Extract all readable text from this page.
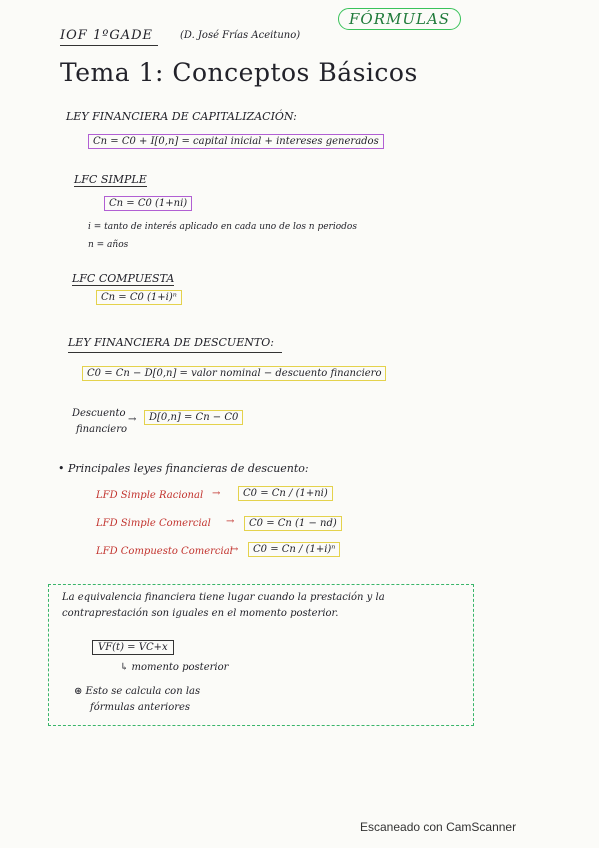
IOF 1ºGADE	(D. José Frías Aceituno)
FÓRMULAS
Tema 1: Conceptos Básicos
LEY FINANCIERA DE CAPITALIZACIÓN:
Cn = C0 + I[0,n] = capital inicial + intereses generados
LFC SIMPLE
Cn = C0 (1+ni)
i = tanto de interés aplicado en cada uno de los n periodos
n = años
LFC COMPUESTA
Cn = C0 (1+i)ⁿ
LEY FINANCIERA DE DESCUENTO:
C0 = Cn − D[0,n] = valor nominal − descuento financiero
Descuento
financiero
→	D[0,n] = Cn − C0
• Principales leyes financieras de descuento:
LFD Simple Racional →	C0 = Cn / (1+ni)
LFD Simple Comercial →	C0 = Cn (1 − nd)
LFD Compuesto Comercial
→	C0 = Cn / (1+i)ⁿ
La equivalencia financiera tiene lugar cuando la prestación y la
contraprestación son iguales en el momento posterior.
VF(t) = VC+x
↳ momento posterior
⊛ Esto se calcula con las
fórmulas anteriores
Escaneado con CamScanner
